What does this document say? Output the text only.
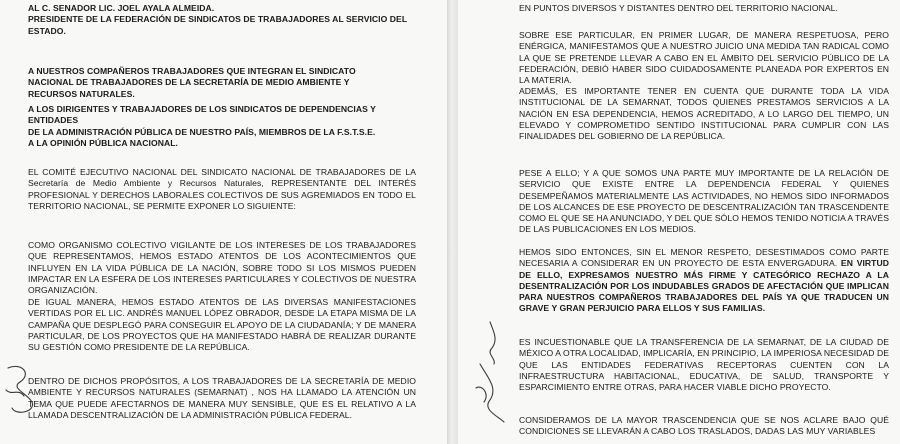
AL C. SENADOR LIC. JOEL AYALA ALMEIDA.

PRESIDENTE DE LA FEDERACIÓN DE SINDICATOS DE TRABAJADORES AL SERVICIO DEL

ESTADO.

A NUESTROS COMPAÑEROS TRABAJADORES QUE INTEGRAN EL SINDICATO NACIONAL DE TRABAJADORES DE LA SECRETARÍA DE MEDIO AMBIENTE Y RECURSOS NATURALES.

A LOS DIRIGENTES Y TRABAJADORES DE LOS SINDICATOS DE DEPENDENCIAS Y ENTIDADES

DE LA ADMINISTRACIÓN PÚBLICA DE NUESTRO PAÍS, MIEMBROS DE LA F.S.T.S.E.

A LA OPINIÓN PÚBLICA NACIONAL.

EL COMITÉ EJECUTIVO NACIONAL DEL SINDICATO NACIONAL DE TRABAJADORES DE LA Secretaría de Medio Ambiente y Recursos Naturales, REPRESENTANTE DEL INTERÉS PROFESIONAL Y DERECHOS LABORALES COLECTIVOS DE SUS AGREMIADOS EN TODO EL TERRITORIO NACIONAL, SE PERMITE EXPONER LO SIGUIENTE:

COMO ORGANISMO COLECTIVO VIGILANTE DE LOS INTERESES DE LOS TRABAJADORES QUE REPRESENTAMOS, HEMOS ESTADO ATENTOS DE LOS ACONTECIMIENTOS QUE INFLUYEN EN LA VIDA PÚBLICA DE LA NACIÓN, SOBRE TODO SI LOS MISMOS PUEDEN IMPACTAR EN LA ESFERA DE LOS INTERESES PARTICULARES Y COLECTIVOS DE NUESTRA ORGANIZACIÓN.

DE IGUAL MANERA, HEMOS ESTADO ATENTOS DE LAS DIVERSAS MANIFESTACIONES VERTIDAS POR EL LIC. ANDRÉS MANUEL LÓPEZ OBRADOR, DESDE LA ETAPA MISMA DE LA CAMPAÑA QUE DESPLEGÓ PARA CONSEGUIR EL APOYO DE LA CIUDADANÍA; Y DE MANERA PARTICULAR, DE LOS PROYECTOS QUE HA MANIFESTADO HABRÁ DE REALIZAR DURANTE SU GESTIÓN COMO PRESIDENTE DE LA REPÚBLICA.

DENTRO DE DICHOS PROPÓSITOS, A LOS TRABAJADORES DE LA SECRETARÍA DE MEDIO AMBIENTE Y RECURSOS NATURALES (SEMARNAT) , NOS HA LLAMADO LA ATENCIÓN UN TEMA QUE PUEDE AFECTARNOS DE MANERA MUY SENSIBLE, QUE ES EL RELATIVO A LA LLAMADA DESCENTRALIZACIÓN DE LA ADMINISTRACIÓN PÚBLICA FEDERAL.

EN PUNTOS DIVERSOS Y DISTANTES DENTRO DEL TERRITORIO NACIONAL.

SOBRE ESE PARTICULAR, EN PRIMER LUGAR, DE MANERA RESPETUOSA, PERO ENÉRGICA, MANIFESTAMOS QUE A NUESTRO JUICIO UNA MEDIDA TAN RADICAL COMO LA QUE SE PRETENDE LLEVAR A CABO EN EL ÁMBITO DEL SERVICIO PÚBLICO DE LA FEDERACIÓN, DEBIÓ HABER SIDO CUIDADOSAMENTE PLANEADA POR EXPERTOS EN LA MATERIA.

ADEMÁS, ES IMPORTANTE TENER EN CUENTA QUE DURANTE TODA LA VIDA INSTITUCIONAL DE LA SEMARNAT, TODOS QUIENES PRESTAMOS SERVICIOS A LA NACIÓN EN ESA DEPENDENCIA, HEMOS ACREDITADO, A LO LARGO DEL TIEMPO, UN ELEVADO Y COMPROMETIDO SENTIDO INSTITUCIONAL PARA CUMPLIR CON LAS FINALIDADES DEL GOBIERNO DE LA REPÚBLICA.

PESE A ELLO; Y A QUE SOMOS UNA PARTE MUY IMPORTANTE DE LA RELACIÓN DE SERVICIO QUE EXISTE ENTRE LA DEPENDENCIA FEDERAL Y QUIENES DESEMPEÑAMOS MATERIALMENTE LAS ACTIVIDADES, NO HEMOS SIDO INFORMADOS DE LOS ALCANCES DE ESE PROYECTO DE DESCENTRALIZACIÓN TAN TRASCENDENTE COMO EL QUE SE HA ANUNCIADO, Y DEL QUE SÓLO HEMOS TENIDO NOTICIA A TRAVÉS DE LAS PUBLICACIONES EN LOS MEDIOS.

HEMOS SIDO ENTONCES, SIN EL MENOR RESPETO, DESESTIMADOS COMO PARTE NECESARIA A CONSIDERAR EN UN PROYECTO DE ESTA ENVERGADURA. EN VIRTUD DE ELLO, EXPRESAMOS NUESTRO MÁS FIRME Y CATEGÓRICO RECHAZO A LA DESENTRALIZACIÓN POR LOS INDUDABLES GRADOS DE AFECTACIÓN QUE IMPLICAN PARA NUESTROS COMPAÑEROS TRABAJADORES DEL PAÍS YA QUE TRADUCEN UN GRAVE Y GRAN PERJUICIO PARA ELLOS Y SUS FAMILIAS.

ES INCUESTIONABLE QUE LA TRANSFERENCIA DE LA SEMARNAT, DE LA CIUDAD DE MÉXICO A OTRA LOCALIDAD, IMPLICARÍA, EN PRINCIPIO, LA IMPERIOSA NECESIDAD DE QUE LAS ENTIDADES FEDERATIVAS RECEPTORAS CUENTEN CON LA INFRAESTRUCTURA HABITACIONAL, EDUCATIVA, DE SALUD, TRANSPORTE Y ESPARCIMIENTO ENTRE OTRAS, PARA HACER VIABLE DICHO PROYECTO.

CONSIDERAMOS DE LA MAYOR TRASCENDENCIA QUE SE NOS ACLARE BAJO QUÉ CONDICIONES SE LLEVARÁN A CABO LOS TRASLADOS, DADAS LAS MUY VARIABLES
